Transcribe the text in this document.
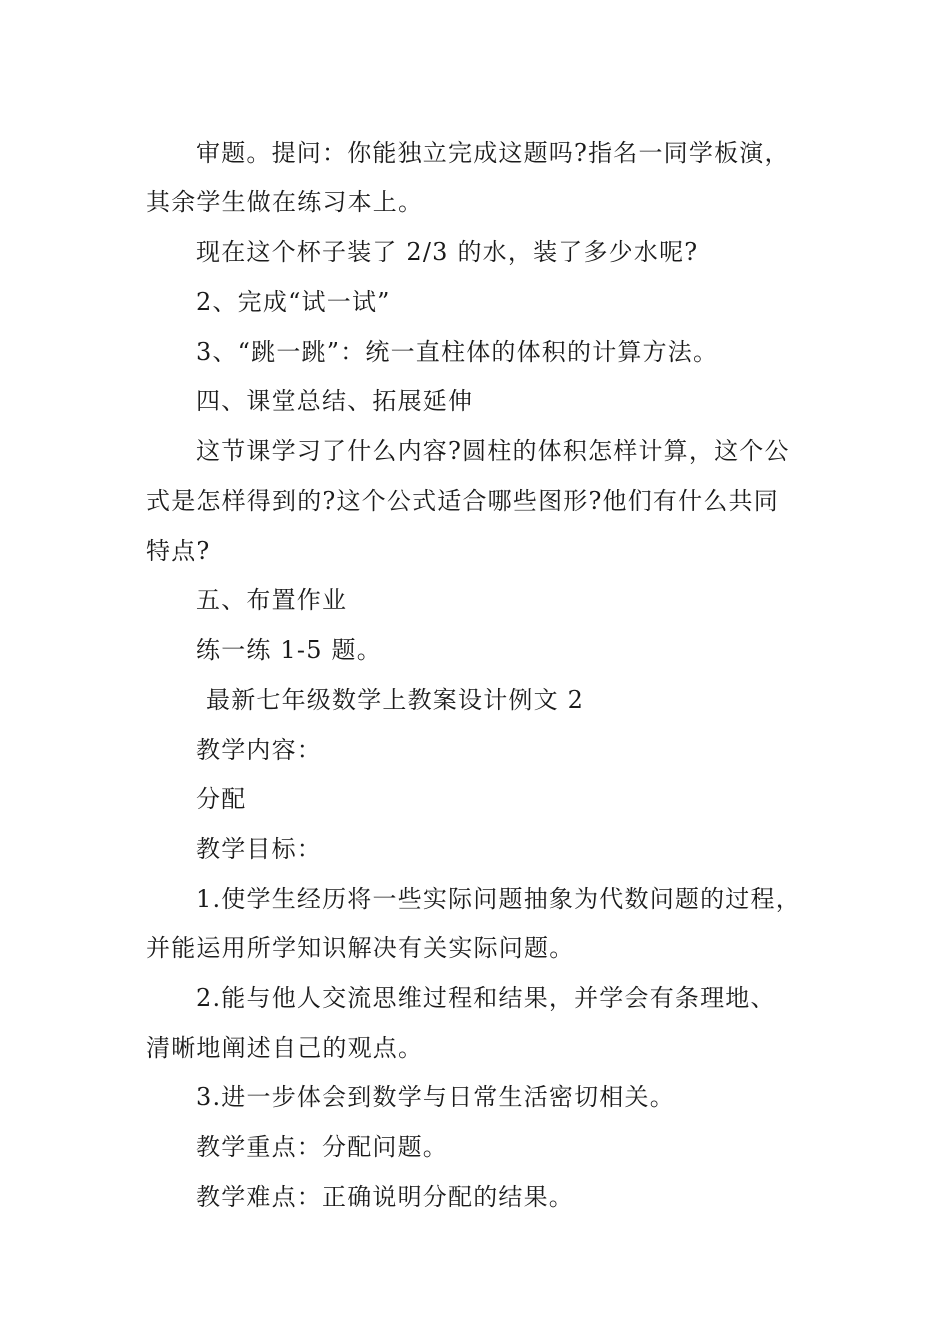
审题。提问：你能独立完成这题吗?指名一同学板演，
其余学生做在练习本上。
现在这个杯子装了 2/3 的水，装了多少水呢?
2、完成“试一试”
3、“跳一跳”：统一直柱体的体积的计算方法。
四、课堂总结、拓展延伸
这节课学习了什么内容?圆柱的体积怎样计算，这个公
式是怎样得到的?这个公式适合哪些图形?他们有什么共同
特点?
五、布置作业
练一练 1-5 题。
最新七年级数学上教案设计例文 2
教学内容：
分配
教学目标：
1.使学生经历将一些实际问题抽象为代数问题的过程，
并能运用所学知识解决有关实际问题。
2.能与他人交流思维过程和结果，并学会有条理地、
清晰地阐述自己的观点。
3.进一步体会到数学与日常生活密切相关。
教学重点：分配问题。
教学难点：正确说明分配的结果。
